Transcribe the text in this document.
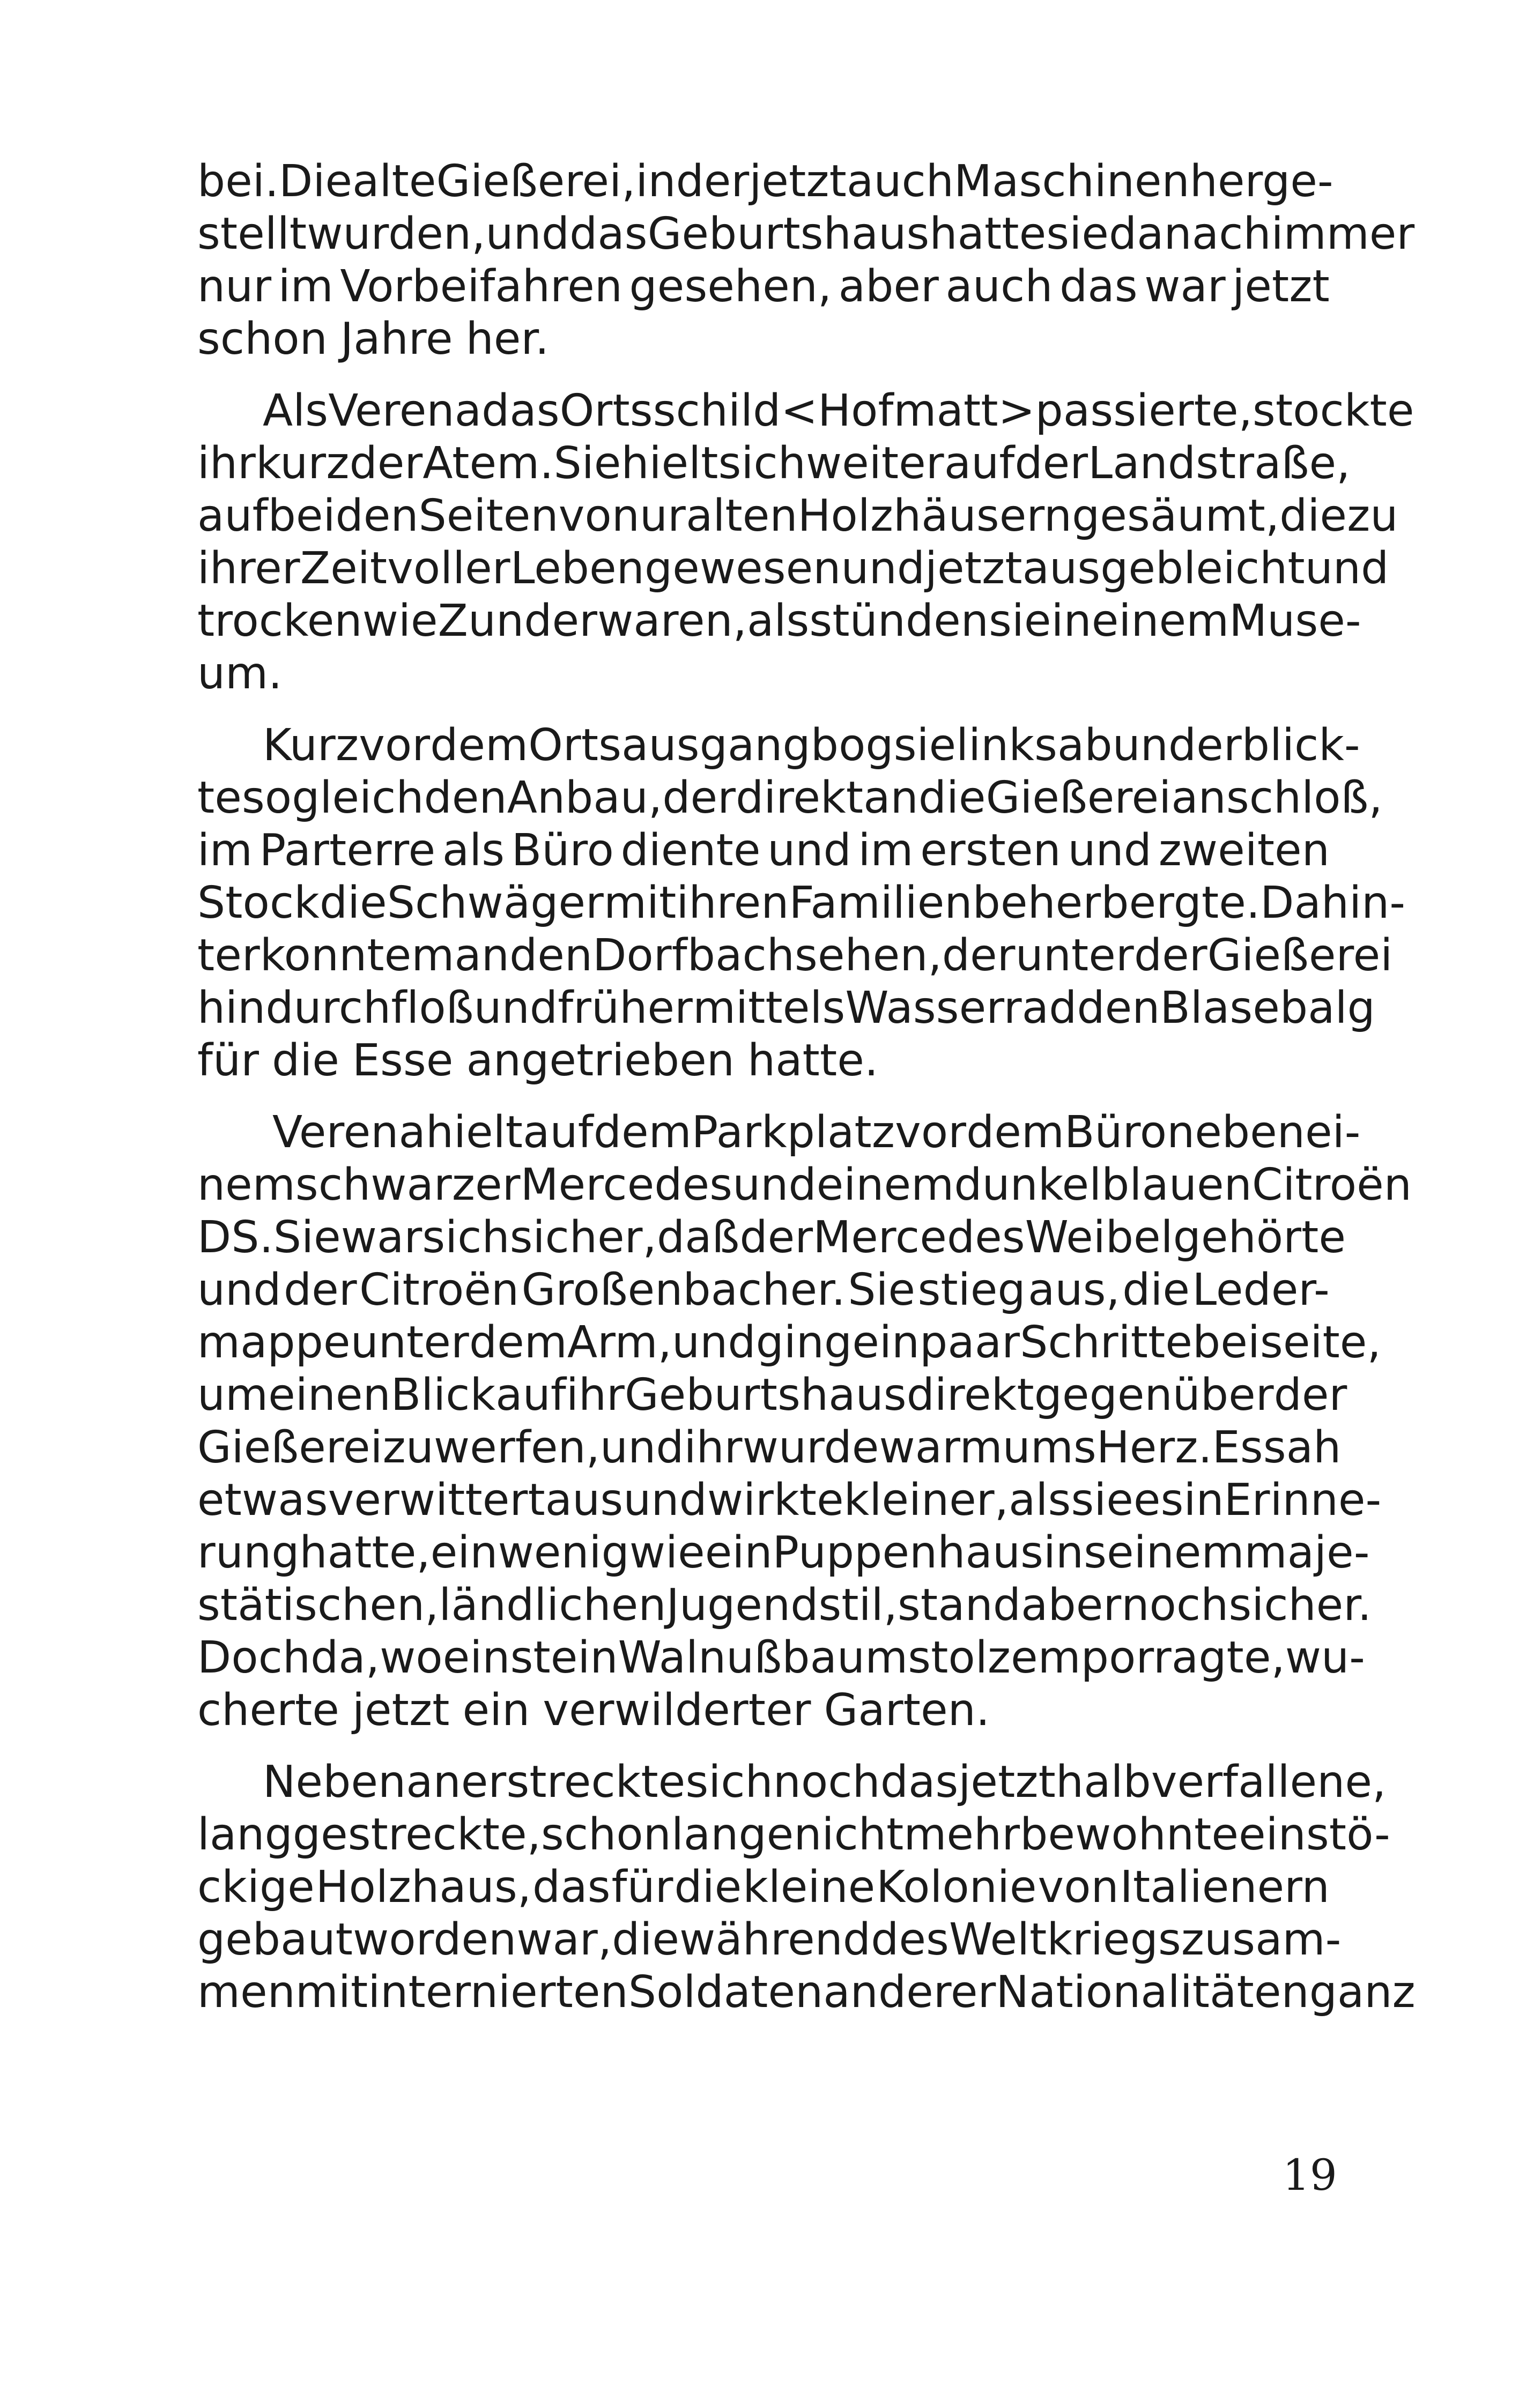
bei. Die alte Gießerei, in der jetzt auch Maschinen herge-
stellt wurden, und das Geburtshaus hatte sie danach immer
nur im Vorbeifahren gesehen, aber auch das war jetzt
schon Jahre her.
Als Verena das Ortsschild <Hofmatt> passierte, stockte
ihr kurz der Atem. Sie hielt sich weiter auf der Landstraße,
auf beiden Seiten von uralten Holzhäusern gesäumt, die zu
ihrer Zeit voller Leben gewesen und jetzt ausgebleicht und
trocken wie Zunder waren, als stünden sie in einem Muse-
um.
Kurz vor dem Ortsausgang bog sie links ab und erblick-
te sogleich den Anbau, der direkt an die Gießerei anschloß,
im Parterre als Büro diente und im ersten und zweiten
Stock die Schwäger mit ihren Familien beherbergte. Dahin-
ter konnte man den Dorfbach sehen, der unter der Gießerei
hindurch floß und früher mittels Wasserrad den Blasebalg
für die Esse angetrieben hatte.
Verena hielt auf dem Parkplatz vor dem Büro neben ei-
nem schwarzer Mercedes und einem dunkelblauen Citroën
DS. Sie war sich sicher, daß der Mercedes Weibel gehörte
und der Citroën Großenbacher. Sie stieg aus, die Leder-
mappe unter dem Arm, und ging ein paar Schritte beiseite,
um einen Blick auf ihr Geburtshaus direkt gegenüber der
Gießerei zu werfen, und ihr wurde warm ums Herz. Es sah
etwas verwittert aus und wirkte kleiner, als sie es in Erinne-
rung hatte, ein wenig wie ein Puppenhaus in seinem maje-
stätischen, ländlichen Jugendstil, stand aber noch sicher.
Doch da, wo einst ein Walnußbaum stolz emporragte, wu-
cherte jetzt ein verwilderter Garten.
Nebenan erstreckte sich noch das jetzt halb verfallene,
langgestreckte, schon lange nicht mehr bewohnte einstö-
ckige Holzhaus, das für die kleine Kolonie von Italienern
gebaut worden war, die während des Weltkriegs zusam-
men mit internierten Soldaten anderer Nationalitäten ganz
19
